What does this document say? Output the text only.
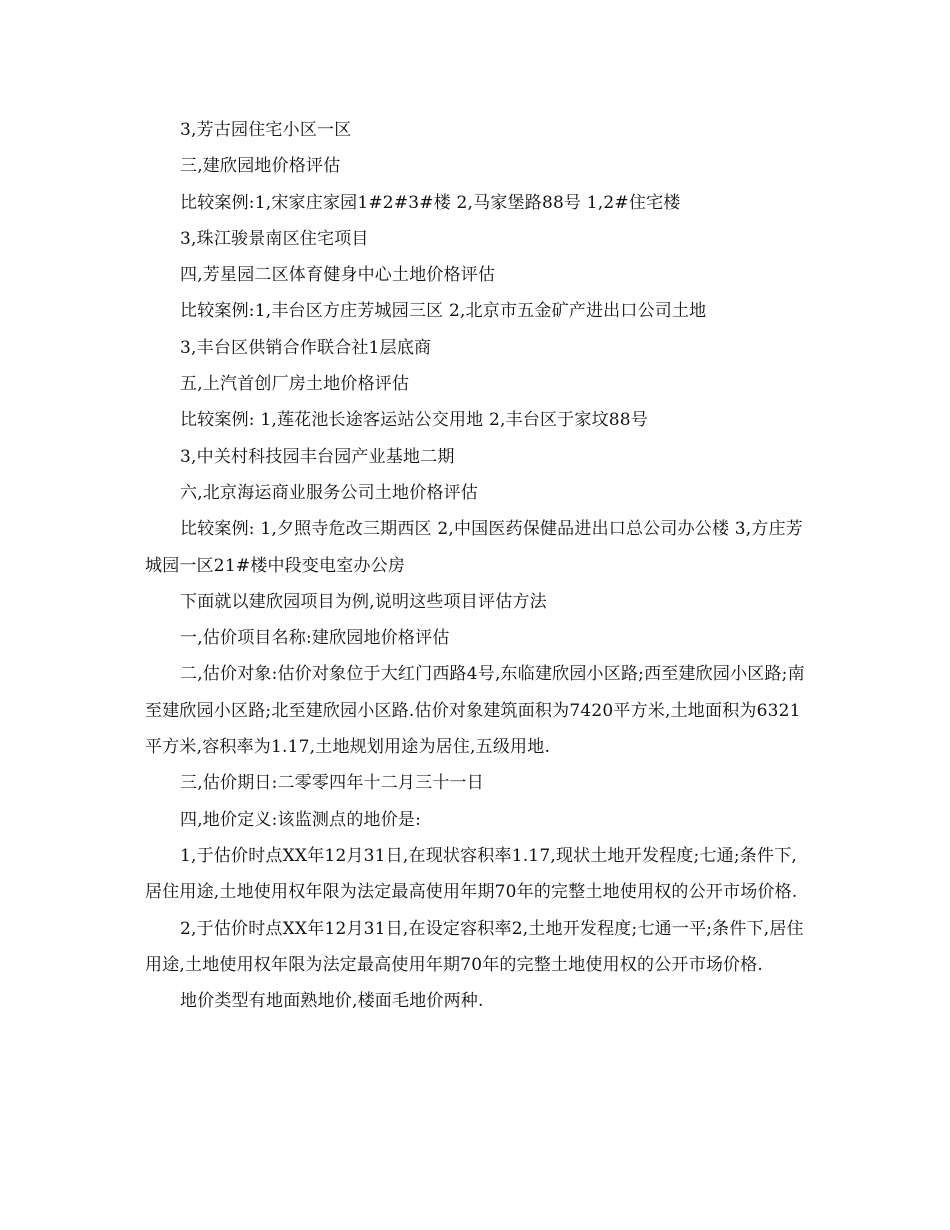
3,芳古园住宅小区一区

三,建欣园地价格评估

比较案例:1,宋家庄家园1#2#3#楼 2,马家堡路88号 1,2#住宅楼

3,珠江骏景南区住宅项目

四,芳星园二区体育健身中心土地价格评估

比较案例:1,丰台区方庄芳城园三区 2,北京市五金矿产进出口公司土地

3,丰台区供销合作联合社1层底商

五,上汽首创厂房土地价格评估

比较案例: 1,莲花池长途客运站公交用地 2,丰台区于家坟88号

3,中关村科技园丰台园产业基地二期

六,北京海运商业服务公司土地价格评估

比较案例: 1,夕照寺危改三期西区 2,中国医药保健品进出口总公司办公楼 3,方庄芳城园一区21#楼中段变电室办公房

下面就以建欣园项目为例,说明这些项目评估方法

一,估价项目名称:建欣园地价格评估

二,估价对象:估价对象位于大红门西路4号,东临建欣园小区路;西至建欣园小区路;南至建欣园小区路;北至建欣园小区路.估价对象建筑面积为7420平方米,土地面积为6321平方米,容积率为1.17,土地规划用途为居住,五级用地.

三,估价期日:二零零四年十二月三十一日

四,地价定义:该监测点的地价是:

1,于估价时点XX年12月31日,在现状容积率1.17,现状土地开发程度;七通;条件下,居住用途,土地使用权年限为法定最高使用年期70年的完整土地使用权的公开市场价格.

2,于估价时点XX年12月31日,在设定容积率2,土地开发程度;七通一平;条件下,居住用途,土地使用权年限为法定最高使用年期70年的完整土地使用权的公开市场价格.

地价类型有地面熟地价,楼面毛地价两种.
